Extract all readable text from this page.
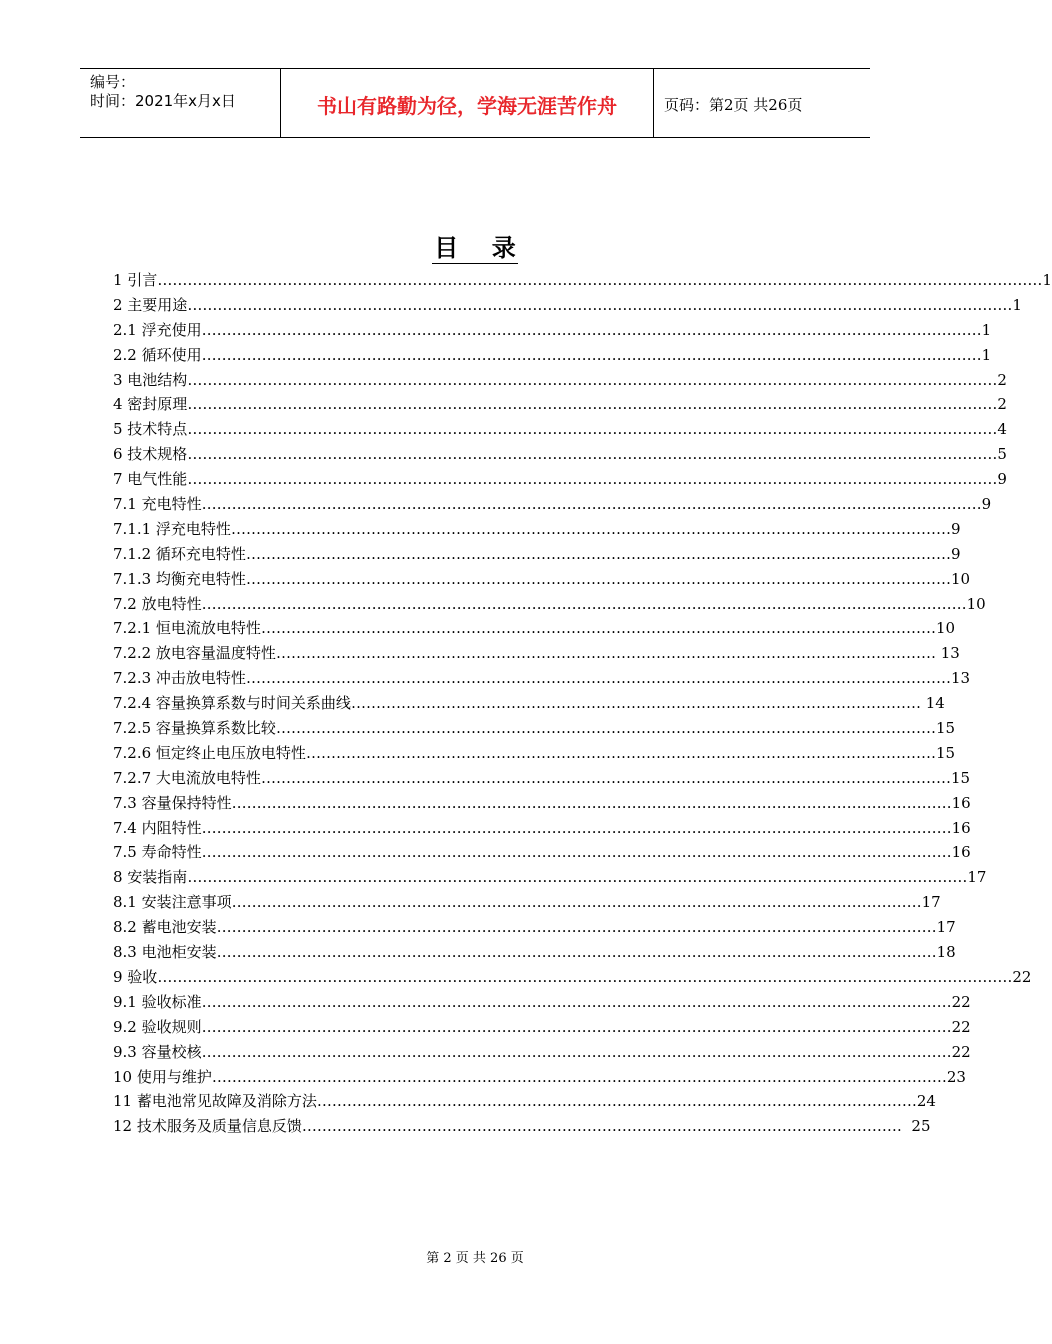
编号：
时间：2021年x月x日	书山有路勤为径，学海无涯苦作舟	页码：第2页 共26页
目    录
1 引言……………………………………………………………………………………………………………………………………………………………1
2 主要用途…………………………………………………………………………………………………………………………………………………1
2.1 浮充使用…………………………………………………………………………………………………………………………………………1
2.2 循环使用…………………………………………………………………………………………………………………………………………1
3 电池结构………………………………………………………………………………………………………………………………………………2
4 密封原理………………………………………………………………………………………………………………………………………………2
5 技术特点………………………………………………………………………………………………………………………………………………4
6 技术规格………………………………………………………………………………………………………………………………………………5
7 电气性能………………………………………………………………………………………………………………………………………………9
7.1 充电特性…………………………………………………………………………………………………………………………………………9
7.1.1 浮充电特性………………………………………………………………………………………………………………………………9
7.1.2 循环充电特性……………………………………………………………………………………………………………………………9
7.1.3 均衡充电特性……………………………………………………………………………………………………………………………10
7.2 放电特性………………………………………………………………………………………………………………………………………10
7.2.1 恒电流放电特性………………………………………………………………………………………………………………………10
7.2.2 放电容量温度特性…………………………………………………………………………………………………………………… 13
7.2.3 冲击放电特性……………………………………………………………………………………………………………………………13
7.2.4 容量换算系数与时间关系曲线…………………………………………………………………………………………………… 14
7.2.5 容量换算系数比较……………………………………………………………………………………………………………………15
7.2.6 恒定终止电压放电特性………………………………………………………………………………………………………………15
7.2.7 大电流放电特性…………………………………………………………………………………………………………………………15
7.3 容量保持特性………………………………………………………………………………………………………………………………16
7.4 内阻特性……………………………………………………………………………………………………………………………………16
7.5 寿命特性……………………………………………………………………………………………………………………………………16
8 安装指南…………………………………………………………………………………………………………………………………………17
8.1 安装注意事项…………………………………………………………………………………………………………………………17
8.2 蓄电池安装………………………………………………………………………………………………………………………………17
8.3 电池柜安装………………………………………………………………………………………………………………………………18
9 验收………………………………………………………………………………………………………………………………………………………22
9.1 验收标准……………………………………………………………………………………………………………………………………22
9.2 验收规则……………………………………………………………………………………………………………………………………22
9.3 容量校核……………………………………………………………………………………………………………………………………22
10 使用与维护…………………………………………………………………………………………………………………………………23
11 蓄电池常见故障及消除方法…………………………………………………………………………………………………………24
12 技术服务及质量信息反馈…………………………………………………………………………………………………………  25
第 2 页 共 26 页
